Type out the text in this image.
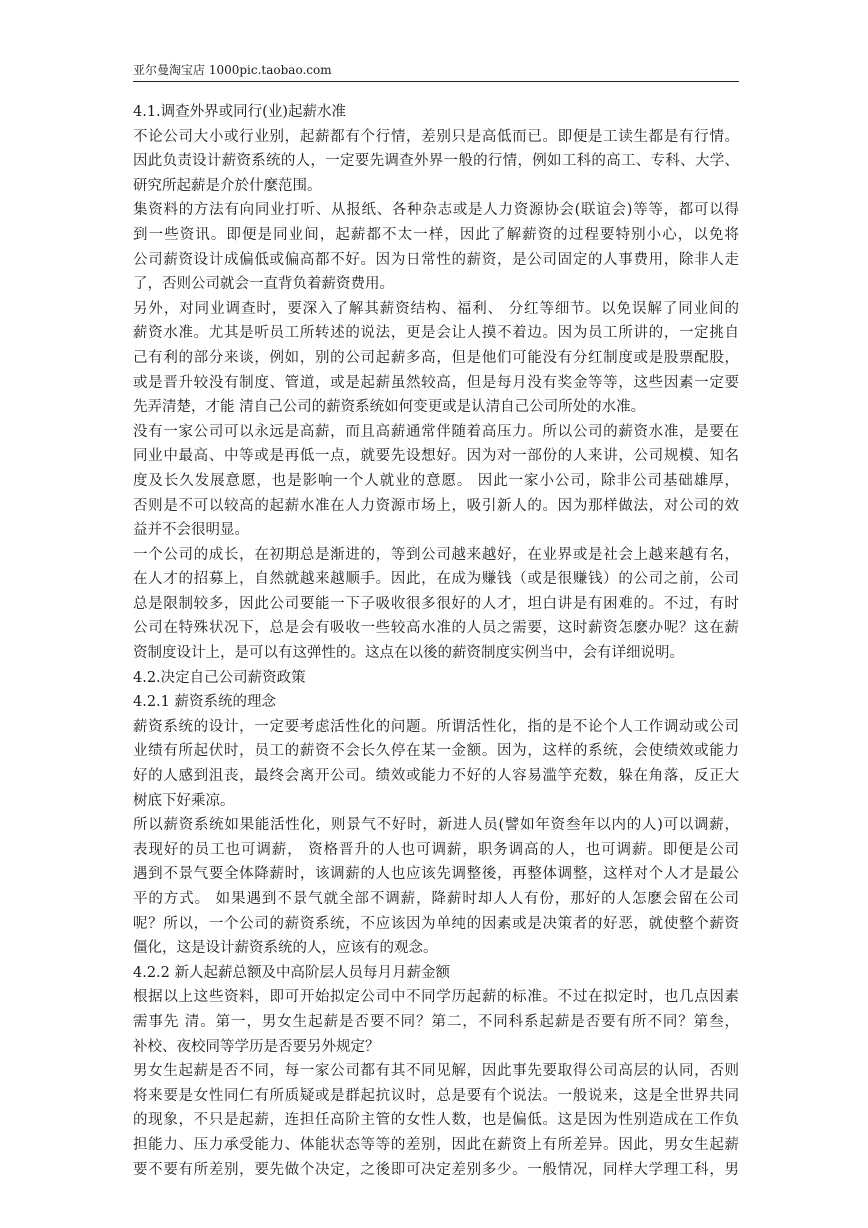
亚尔曼淘宝店 1000pic.taobao.com
4.1.调查外界或同行(业)起薪水准
不论公司大小或行业别，起薪都有个行情，差别只是高低而已。即便是工读生都是有行情。
因此负责设计薪资系统的人，一定要先调查外界一般的行情，例如工科的高工、专科、大学、
研究所起薪是介於什麼范围。
集资料的方法有向同业打听、从报纸、各种杂志或是人力资源协会(联谊会)等等，都可以得
到一些资讯。即便是同业间，起薪都不太一样，因此了解薪资的过程要特别小心，以免将
公司薪资设计成偏低或偏高都不好。因为日常性的薪资，是公司固定的人事费用，除非人走
了，否则公司就会一直背负着薪资费用。
另外，对同业调查时，要深入了解其薪资结构、福利、 分红等细节。以免误解了同业间的
薪资水准。尤其是听员工所转述的说法，更是会让人摸不着边。因为员工所讲的，一定挑自
己有利的部分来谈，例如，别的公司起薪多高，但是他们可能没有分红制度或是股票配股，
或是晋升较没有制度、管道，或是起薪虽然较高，但是每月没有奖金等等，这些因素一定要
先弄清楚，才能 清自己公司的薪资系统如何变更或是认清自己公司所处的水准。
没有一家公司可以永远是高薪，而且高薪通常伴随着高压力。所以公司的薪资水准，是要在
同业中最高、中等或是再低一点，就要先设想好。因为对一部份的人来讲，公司规模、知名
度及长久发展意愿，也是影响一个人就业的意愿。 因此一家小公司，除非公司基础雄厚，
否则是不可以较高的起薪水准在人力资源市场上，吸引新人的。因为那样做法，对公司的效
益并不会很明显。
一个公司的成长，在初期总是渐进的，等到公司越来越好，在业界或是社会上越来越有名，
在人才的招募上，自然就越来越顺手。因此，在成为赚钱（或是很赚钱）的公司之前，公司
总是限制较多，因此公司要能一下子吸收很多很好的人才，坦白讲是有困难的。不过，有时
公司在特殊状况下，总是会有吸收一些较高水准的人员之需要，这时薪资怎麽办呢？这在薪
资制度设计上，是可以有这弹性的。这点在以後的薪资制度实例当中，会有详细说明。
4.2.决定自己公司薪资政策
4.2.1 薪资系统的理念
薪资系统的设计，一定要考虑活性化的问题。所谓活性化，指的是不论个人工作调动或公司
业绩有所起伏时，员工的薪资不会长久停在某一金额。因为，这样的系统，会使绩效或能力
好的人感到沮丧，最终会离开公司。绩效或能力不好的人容易滥竽充数，躲在角落，反正大
树底下好乘凉。
所以薪资系统如果能活性化，则景气不好时，新进人员(譬如年资叁年以内的人)可以调薪，
表现好的员工也可调薪， 资格晋升的人也可调薪，职务调高的人，也可调薪。即便是公司
遇到不景气要全体降薪时，该调薪的人也应该先调整後，再整体调整，这样对个人才是最公
平的方式。 如果遇到不景气就全部不调薪，降薪时却人人有份，那好的人怎麽会留在公司
呢？所以，一个公司的薪资系统，不应该因为单纯的因素或是决策者的好恶，就使整个薪资
僵化，这是设计薪资系统的人，应该有的观念。
4.2.2 新人起薪总额及中高阶层人员每月月薪金额
根据以上这些资料，即可开始拟定公司中不同学历起薪的标准。不过在拟定时，也几点因素
需事先 清。第一，男女生起薪是否要不同？第二，不同科系起薪是否要有所不同？第叁，
补校、夜校同等学历是否要另外规定？
男女生起薪是否不同，每一家公司都有其不同见解，因此事先要取得公司高层的认同，否则
将来要是女性同仁有所质疑或是群起抗议时，总是要有个说法。一般说来，这是全世界共同
的现象，不只是起薪，连担任高阶主管的女性人数，也是偏低。这是因为性别造成在工作负
担能力、压力承受能力、体能状态等等的差别，因此在薪资上有所差异。因此，男女生起薪
要不要有所差别，要先做个决定，之後即可决定差别多少。一般情况，同样大学理工科，男
